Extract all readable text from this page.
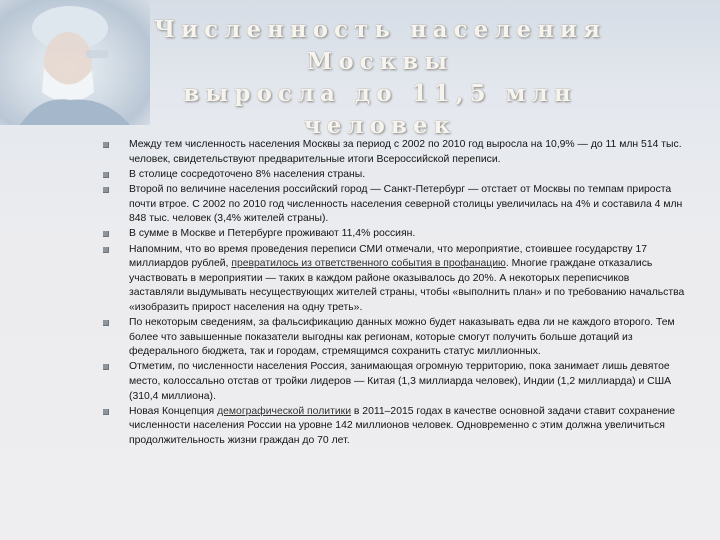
Численность населения Москвы
выросла до 11,5 млн человек
Между тем численность населения Москвы за период с 2002 по 2010 год выросла на 10,9% — до 11 млн 514 тыс. человек, свидетельствуют предварительные итоги Всероссийской переписи.
В столице сосредоточено 8% населения страны.
Второй по величине населения российский город — Санкт-Петербург — отстает от Москвы по темпам прироста почти втрое. С 2002 по 2010 год численность населения северной столицы увеличилась на 4% и составила 4 млн 848 тыс. человек (3,4% жителей страны).
В сумме в Москве и Петербурге проживают 11,4% россиян.
Напомним, что во время проведения переписи СМИ отмечали, что мероприятие, стоившее государству 17 миллиардов рублей, превратилось из ответственного события в профанацию. Многие граждане отказались участвовать в мероприятии — таких в каждом районе оказывалось до 20%. А некоторых переписчиков заставляли выдумывать несуществующих жителей страны, чтобы «выполнить план» и по требованию начальства «изобразить прирост населения на одну треть».
По некоторым сведениям, за фальсификацию данных можно будет наказывать едва ли не каждого второго. Тем более что завышенные показатели выгодны как регионам, которые смогут получить больше дотаций из федерального бюджета, так и городам, стремящимся сохранить статус миллионных.
Отметим, по численности населения Россия, занимающая огромную территорию, пока занимает лишь девятое место, колоссально отстав от тройки лидеров — Китая (1,3 миллиарда человек), Индии (1,2 миллиарда) и США (310,4 миллиона).
Новая Концепция демографической политики в 2011–2015 годах в качестве основной задачи ставит сохранение численности населения России на уровне 142 миллионов человек. Одновременно с этим должна увеличиться продолжительность жизни граждан до 70 лет.
